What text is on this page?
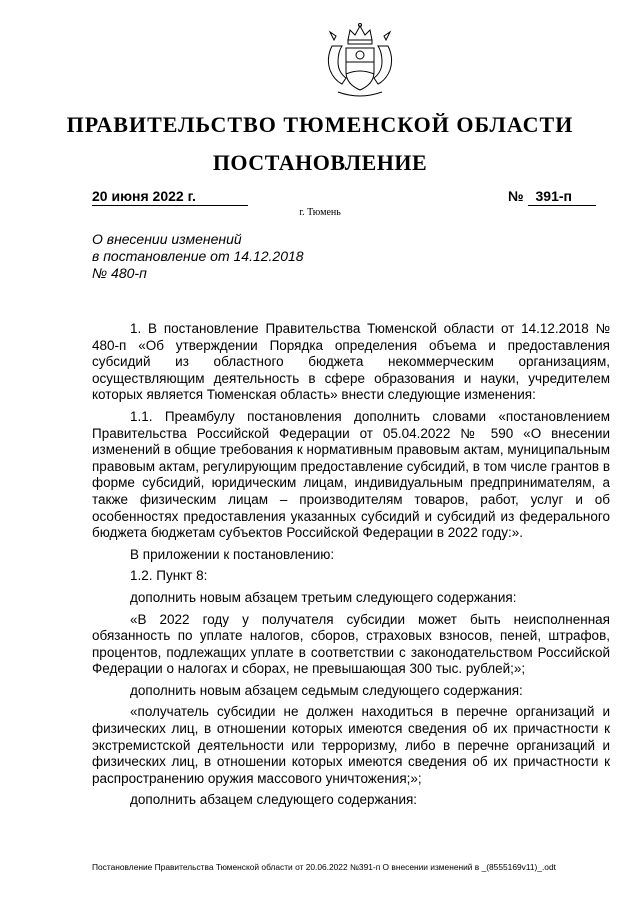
ПРАВИТЕЛЬСТВО ТЮМЕНСКОЙ ОБЛАСТИ
ПОСТАНОВЛЕНИЕ
20 июня 2022 г.	№ 391-п
г. Тюмень
О внесении изменений
в постановление от 14.12.2018
№ 480-п

1. В постановление Правительства Тюменской области от 14.12.2018 № 480-п «Об утверждении Порядка определения объема и предоставления субсидий из областного бюджета некоммерческим организациям, осуществляющим деятельность в сфере образования и науки, учредителем которых является Тюменская область» внести следующие изменения:

1.1. Преамбулу постановления дополнить словами «постановлением Правительства Российской Федерации от 05.04.2022 № 590 «О внесении изменений в общие требования к нормативным правовым актам, муниципальным правовым актам, регулирующим предоставление субсидий, в том числе грантов в форме субсидий, юридическим лицам, индивидуальным предпринимателям, а также физическим лицам – производителям товаров, работ, услуг и об особенностях предоставления указанных субсидий и субсидий из федерального бюджета бюджетам субъектов Российской Федерации в 2022 году:».

В приложении к постановлению:

1.2. Пункт 8:

дополнить новым абзацем третьим следующего содержания:

«В 2022 году у получателя субсидии может быть неисполненная обязанность по уплате налогов, сборов, страховых взносов, пеней, штрафов, процентов, подлежащих уплате в соответствии с законодательством Российской Федерации о налогах и сборах, не превышающая 300 тыс. рублей;»;

дополнить новым абзацем седьмым следующего содержания:

«получатель субсидии не должен находиться в перечне организаций и физических лиц, в отношении которых имеются сведения об их причастности к экстремистской деятельности или терроризму, либо в перечне организаций и физических лиц, в отношении которых имеются сведения об их причастности к распространению оружия массового уничтожения;»;

дополнить абзацем следующего содержания:

Постановление Правительства Тюменской области от 20.06.2022 №391-п О внесении изменений в _(8555169v11)_.odt
